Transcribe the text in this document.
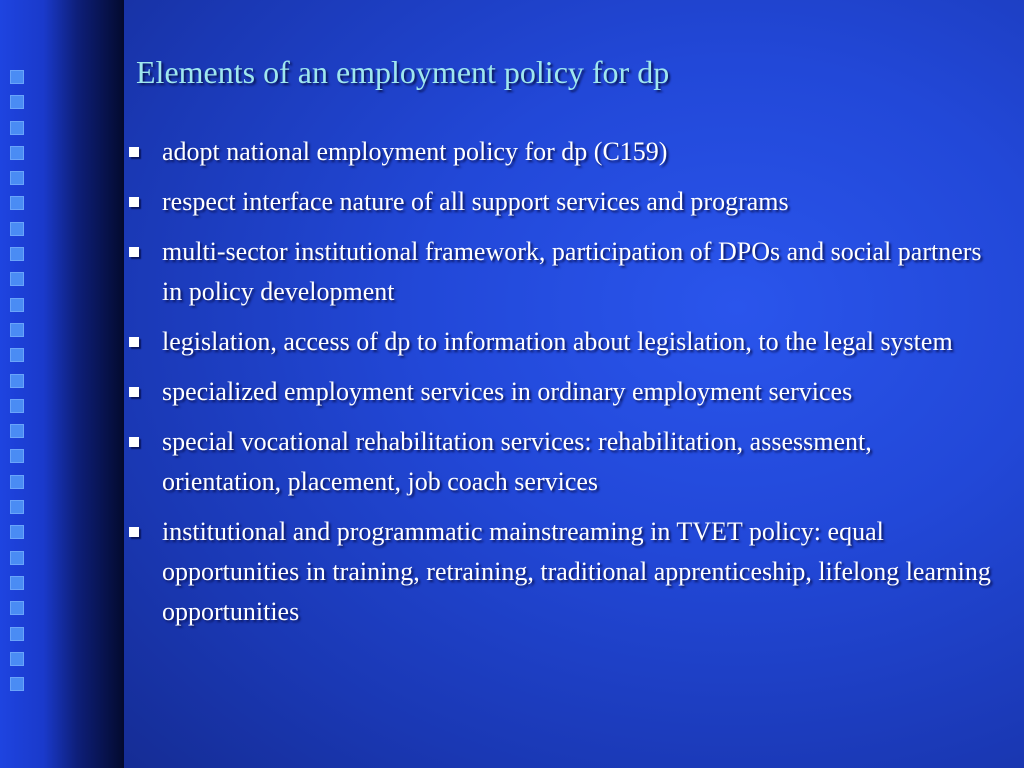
Elements of an employment policy for dp
adopt national employment policy for dp (C159)
respect interface nature of all support services and programs
multi-sector institutional framework, participation of DPOs and social partners in policy development
legislation, access of dp to information about legislation, to the legal system
specialized employment services in ordinary employment services
special vocational rehabilitation services: rehabilitation, assessment, orientation, placement, job coach services
institutional and programmatic mainstreaming in TVET policy: equal opportunities in training, retraining, traditional apprenticeship, lifelong learning opportunities
